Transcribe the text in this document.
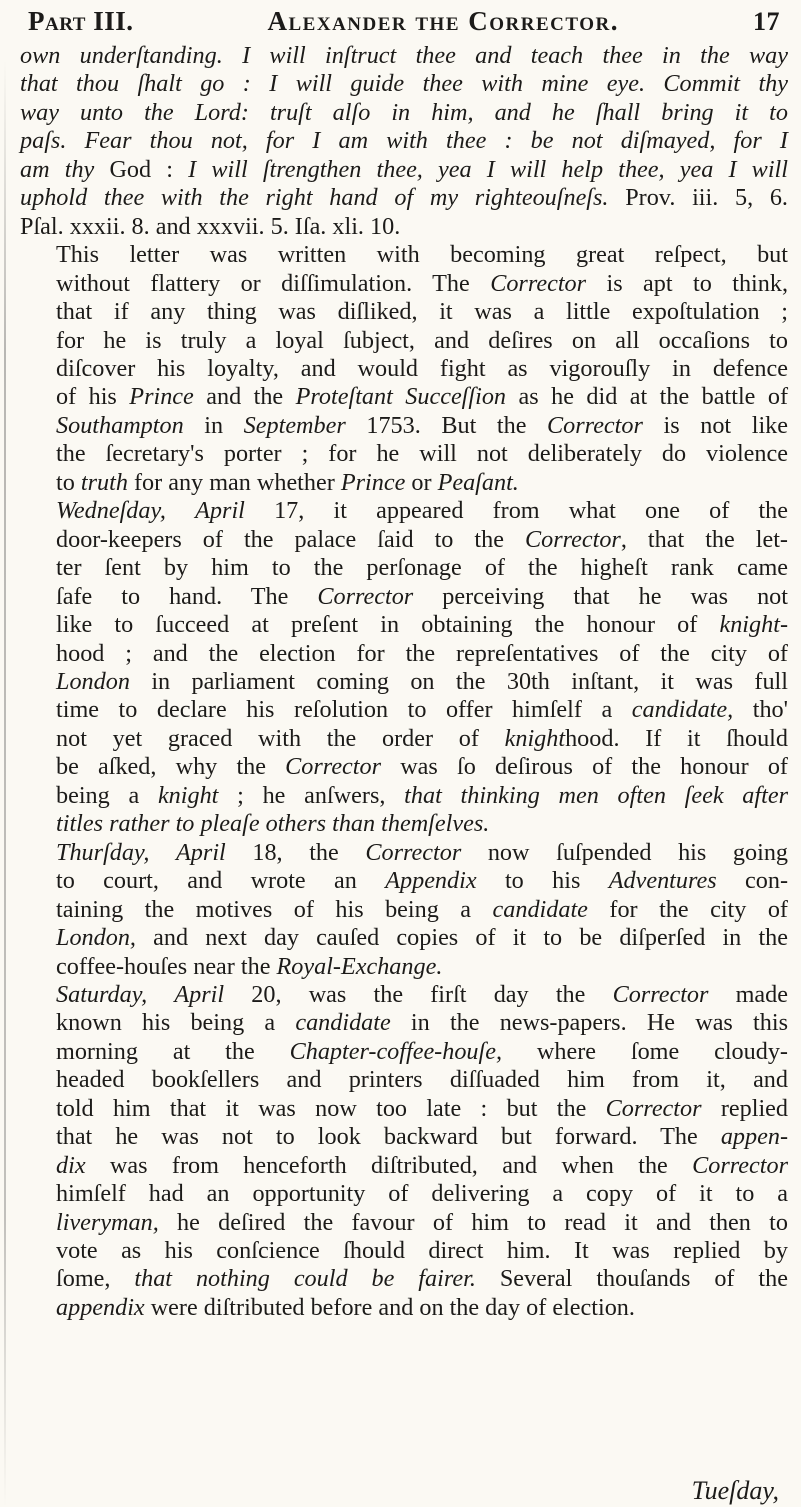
Part III.	Alexander the Corrector.	17

own underſtanding. I will inſtruct thee and teach thee in the way
that thou ſhalt go : I will guide thee with mine eye. Commit thy
way unto the Lord: truſt alſo in him, and he ſhall bring it to
paſs. Fear thou not, for I am with thee : be not diſmayed, for I
am thy God : I will ſtrengthen thee, yea I will help thee, yea I will
uphold thee with the right hand of my righteouſneſs. Prov. iii. 5, 6.
Pſal. xxxii. 8. and xxxvii. 5. Iſa. xli. 10.

This letter was written with becoming great reſpect, but
without flattery or diſſimulation. The Corrector is apt to think,
that if any thing was diſliked, it was a little expoſtulation ;
for he is truly a loyal ſubject, and deſires on all occaſions to
diſcover his loyalty, and would fight as vigorouſly in defence
of his Prince and the Proteſtant Succeſſion as he did at the battle of
Southampton in September 1753. But the Corrector is not like
the ſecretary's porter ; for he will not deliberately do violence
to truth for any man whether Prince or Peaſant.

Wedneſday, April 17, it appeared from what one of the
door-keepers of the palace ſaid to the Corrector, that the let-
ter ſent by him to the perſonage of the higheſt rank came
ſafe to hand. The Corrector perceiving that he was not
like to ſucceed at preſent in obtaining the honour of knight-
hood ; and the election for the repreſentatives of the city of
London in parliament coming on the 30th inſtant, it was full
time to declare his reſolution to offer himſelf a candidate, tho'
not yet graced with the order of knighthood. If it ſhould
be aſked, why the Corrector was ſo deſirous of the honour of
being a knight ; he anſwers, that thinking men often ſeek after
titles rather to pleaſe others than themſelves.

Thurſday, April 18, the Corrector now ſuſpended his going
to court, and wrote an Appendix to his Adventures con-
taining the motives of his being a candidate for the city of
London, and next day cauſed copies of it to be diſperſed in the
coffee-houſes near the Royal-Exchange.

Saturday, April 20, was the firſt day the Corrector made
known his being a candidate in the news-papers. He was this
morning at the Chapter-coffee-houſe, where ſome cloudy-
headed bookſellers and printers diſſuaded him from it, and
told him that it was now too late : but the Corrector replied
that he was not to look backward but forward. The appen-
dix was from henceforth diſtributed, and when the Corrector
himſelf had an opportunity of delivering a copy of it to a
liveryman, he deſired the favour of him to read it and then to
vote as his conſcience ſhould direct him. It was replied by
ſome, that nothing could be fairer. Several thouſands of the
appendix were diſtributed before and on the day of election.

Tueſday,
